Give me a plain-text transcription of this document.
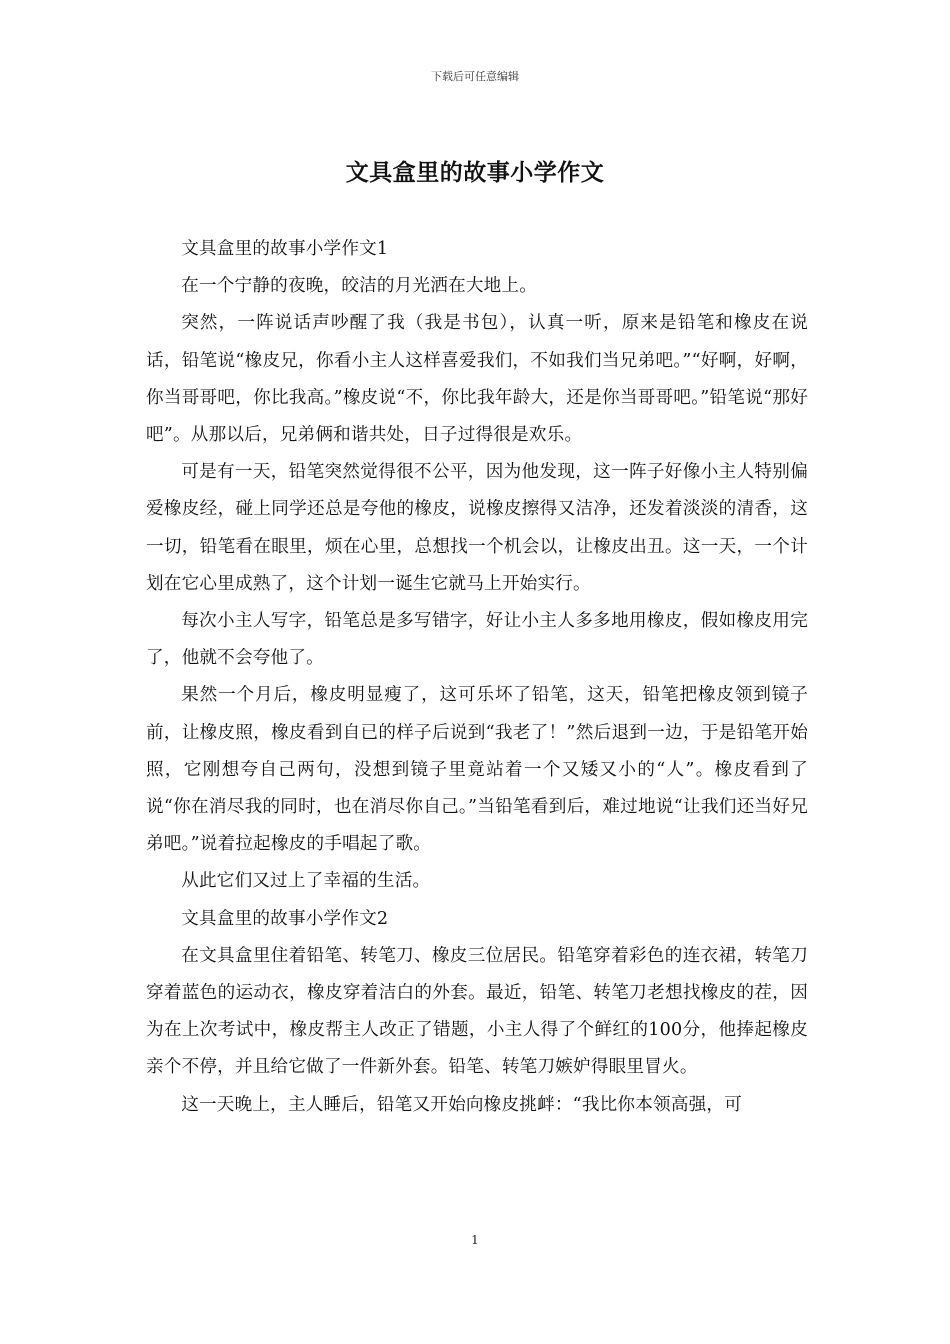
下载后可任意编辑
文具盒里的故事小学作文

文具盒里的故事小学作文1

在一个宁静的夜晚，皎洁的月光洒在大地上。

突然，一阵说话声吵醒了我（我是书包），认真一听，原来是铅笔和橡皮在说话，铅笔说“橡皮兄，你看小主人这样喜爱我们，不如我们当兄弟吧。”“好啊，好啊，你当哥哥吧，你比我高。”橡皮说“不，你比我年龄大，还是你当哥哥吧。”铅笔说“那好吧”。从那以后，兄弟俩和谐共处，日子过得很是欢乐。

可是有一天，铅笔突然觉得很不公平，因为他发现，这一阵子好像小主人特别偏爱橡皮经，碰上同学还总是夸他的橡皮，说橡皮擦得又洁净，还发着淡淡的清香，这一切，铅笔看在眼里，烦在心里，总想找一个机会以，让橡皮出丑。这一天，一个计划在它心里成熟了，这个计划一诞生它就马上开始实行。

每次小主人写字，铅笔总是多写错字，好让小主人多多地用橡皮，假如橡皮用完了，他就不会夸他了。

果然一个月后，橡皮明显瘦了，这可乐坏了铅笔，这天，铅笔把橡皮领到镜子前，让橡皮照，橡皮看到自已的样子后说到“我老了！”然后退到一边，于是铅笔开始照，它刚想夸自己两句，没想到镜子里竟站着一个又矮又小的“人”。橡皮看到了说“你在消尽我的同时，也在消尽你自己。”当铅笔看到后，难过地说“让我们还当好兄弟吧。”说着拉起橡皮的手唱起了歌。

从此它们又过上了幸福的生活。

文具盒里的故事小学作文2

在文具盒里住着铅笔、转笔刀、橡皮三位居民。铅笔穿着彩色的连衣裙，转笔刀穿着蓝色的运动衣，橡皮穿着洁白的外套。最近，铅笔、转笔刀老想找橡皮的茬，因为在上次考试中，橡皮帮主人改正了错题，小主人得了个鲜红的100分，他捧起橡皮亲个不停，并且给它做了一件新外套。铅笔、转笔刀嫉妒得眼里冒火。

这一天晚上，主人睡后，铅笔又开始向橡皮挑衅：“我比你本领高强，可

1
